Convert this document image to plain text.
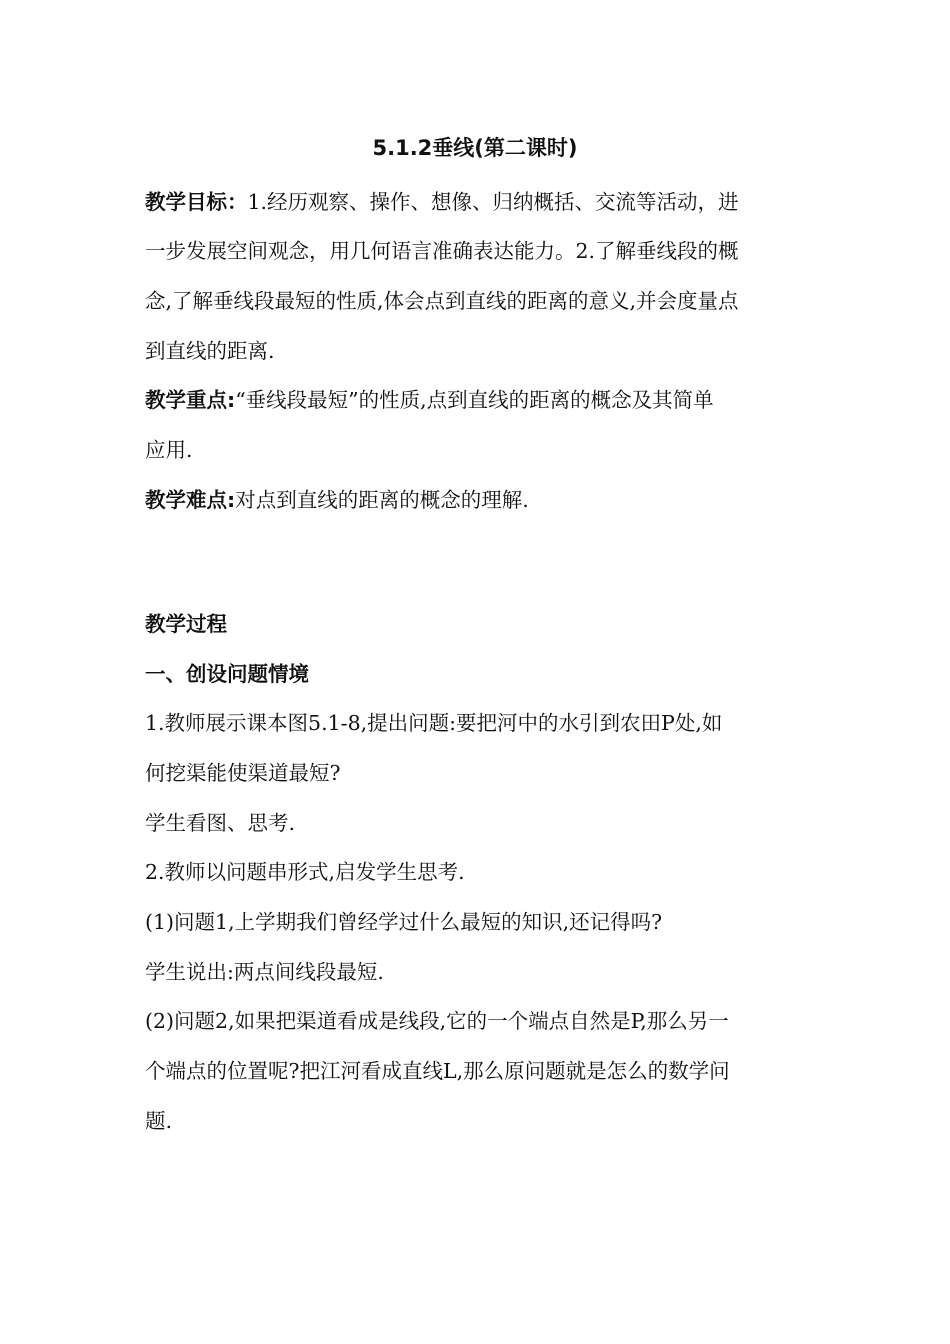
5.1.2垂线(第二课时)
教学目标：1.经历观察、操作、想像、归纳概括、交流等活动，进
一步发展空间观念，用几何语言准确表达能力。2.了解垂线段的概
念,了解垂线段最短的性质,体会点到直线的距离的意义,并会度量点
到直线的距离.
教学重点:“垂线段最短”的性质,点到直线的距离的概念及其简单
应用.
教学难点:对点到直线的距离的概念的理解.
教学过程
一、创设问题情境
1.教师展示课本图5.1-8,提出问题:要把河中的水引到农田P处,如
何挖渠能使渠道最短?
学生看图、思考.
2.教师以问题串形式,启发学生思考.
(1)问题1,上学期我们曾经学过什么最短的知识,还记得吗?
学生说出:两点间线段最短.
(2)问题2,如果把渠道看成是线段,它的一个端点自然是P,那么另一
个端点的位置呢?把江河看成直线L,那么原问题就是怎么的数学问
题.
